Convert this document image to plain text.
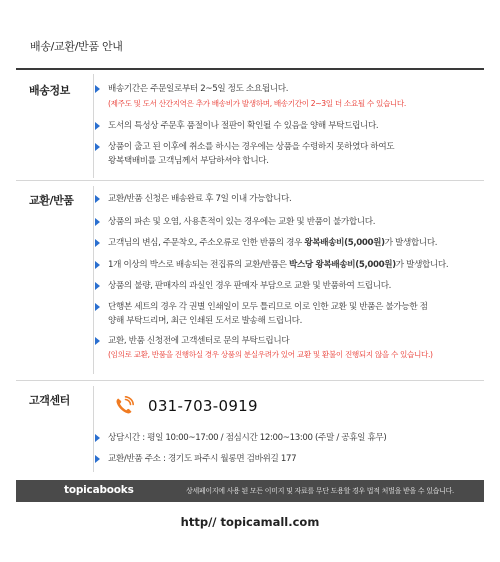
배송/교환/반품 안내
배송정보	배송기간은 주문일로부터 2~5일 정도 소요됩니다.
(제주도 및 도서 산간지역은 추가 배송비가 발생하며, 배송기간이 2~3일 더 소요될 수 있습니다.
도서의 특성상 주문후 품절이나 절판이 확인될 수 있음을 양해 부탁드립니다.
상품이 출고 된 이후에 취소를 하시는 경우에는 상품을 수령하지 못하였다 하여도
왕복택배비를 고객님께서 부담하셔야 합니다.
교환/반품	교환/반품 신청은 배송완료 후 7일 이내 가능합니다.
상품의 파손 및 오염, 사용흔적이 있는 경우에는 교환 및 반품이 불가합니다.
고객님의 변심, 주문착오, 주소오류로 인한 반품의 경우 왕복배송비(5,000원)가 발생합니다.
1개 이상의 박스로 배송되는 전집류의 교환/반품은 박스당 왕복배송비(5,000원)가 발생합니다.
상품의 불량, 판매자의 과실인 경우 판매자 부담으로 교환 및 반품하여 드립니다.
단행본 세트의 경우 각 권별 인쇄일이 모두 틀리므로 이로 인한 교환 및 반품은 불가능한 점
양해 부탁드리며, 최근 인쇄된 도서로 발송해 드립니다.
교환, 반품 신청전에 고객센터로 문의 부탁드립니다
(임의로 교환, 반품을 진행하실 경우 상품의 분실우려가 있어 교환 및 환불이 진행되지 않을 수 있습니다.)
고객센터	031-703-0919
상담시간 : 평일 10:00~17:00 / 점심시간 12:00~13:00 (주말 / 공휴일 휴무)
교환/반품 주소 : 경기도 파주시 월롱면 검바위길 177
topicabooks	상세페이지에 사용 된 모든 이미지 및 자료를 무단 도용할 경우 법적 처벌을 받을 수 있습니다.
http// topicamall.com
